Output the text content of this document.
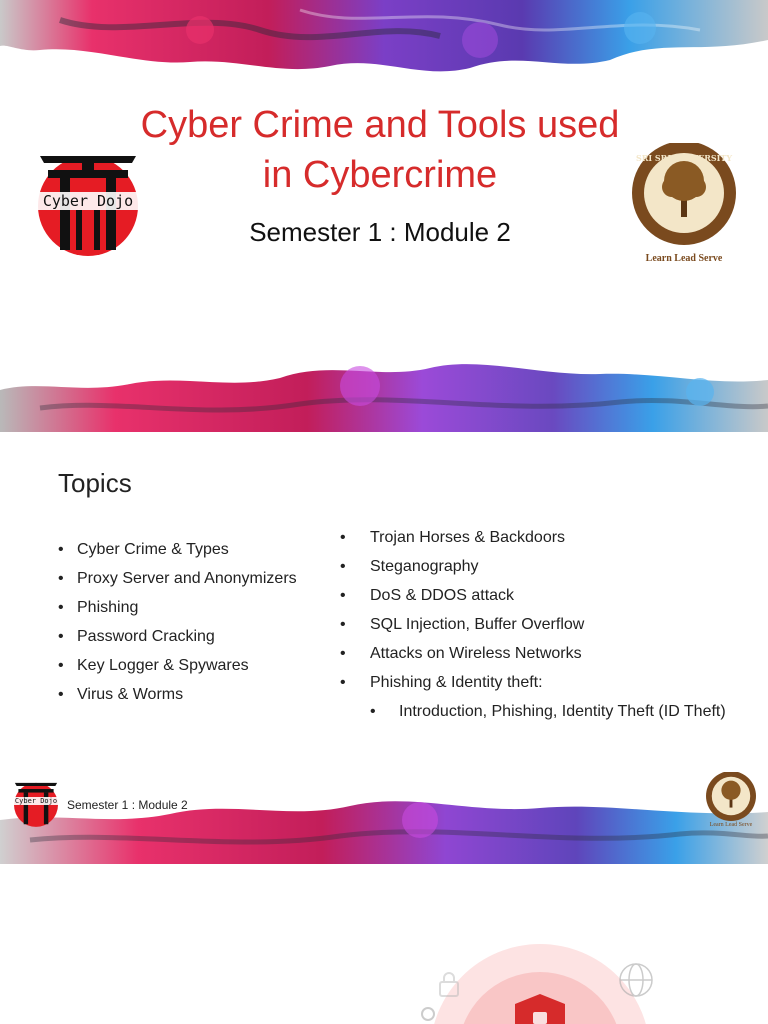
Cyber Dojo
Cyber Crime and Tools used in Cybercrime

Semester 1 : Module 2

SRI SRI UNIVERSITY
Learn Lead Serve
Topics
• Cyber Crime & Types
• Proxy Server and Anonymizers
• Phishing
• Password Cracking
• Key Logger & Spywares
• Virus & Worms
• Trojan Horses & Backdoors
• Steganography
• DoS & DDOS attack
• SQL Injection, Buffer Overflow
• Attacks on Wireless Networks
• Phishing & Identity theft:
• Introduction, Phishing, Identity Theft (ID Theft)
Cyber Dojo Semester 1 : Module 2
Learn Lead Serve
